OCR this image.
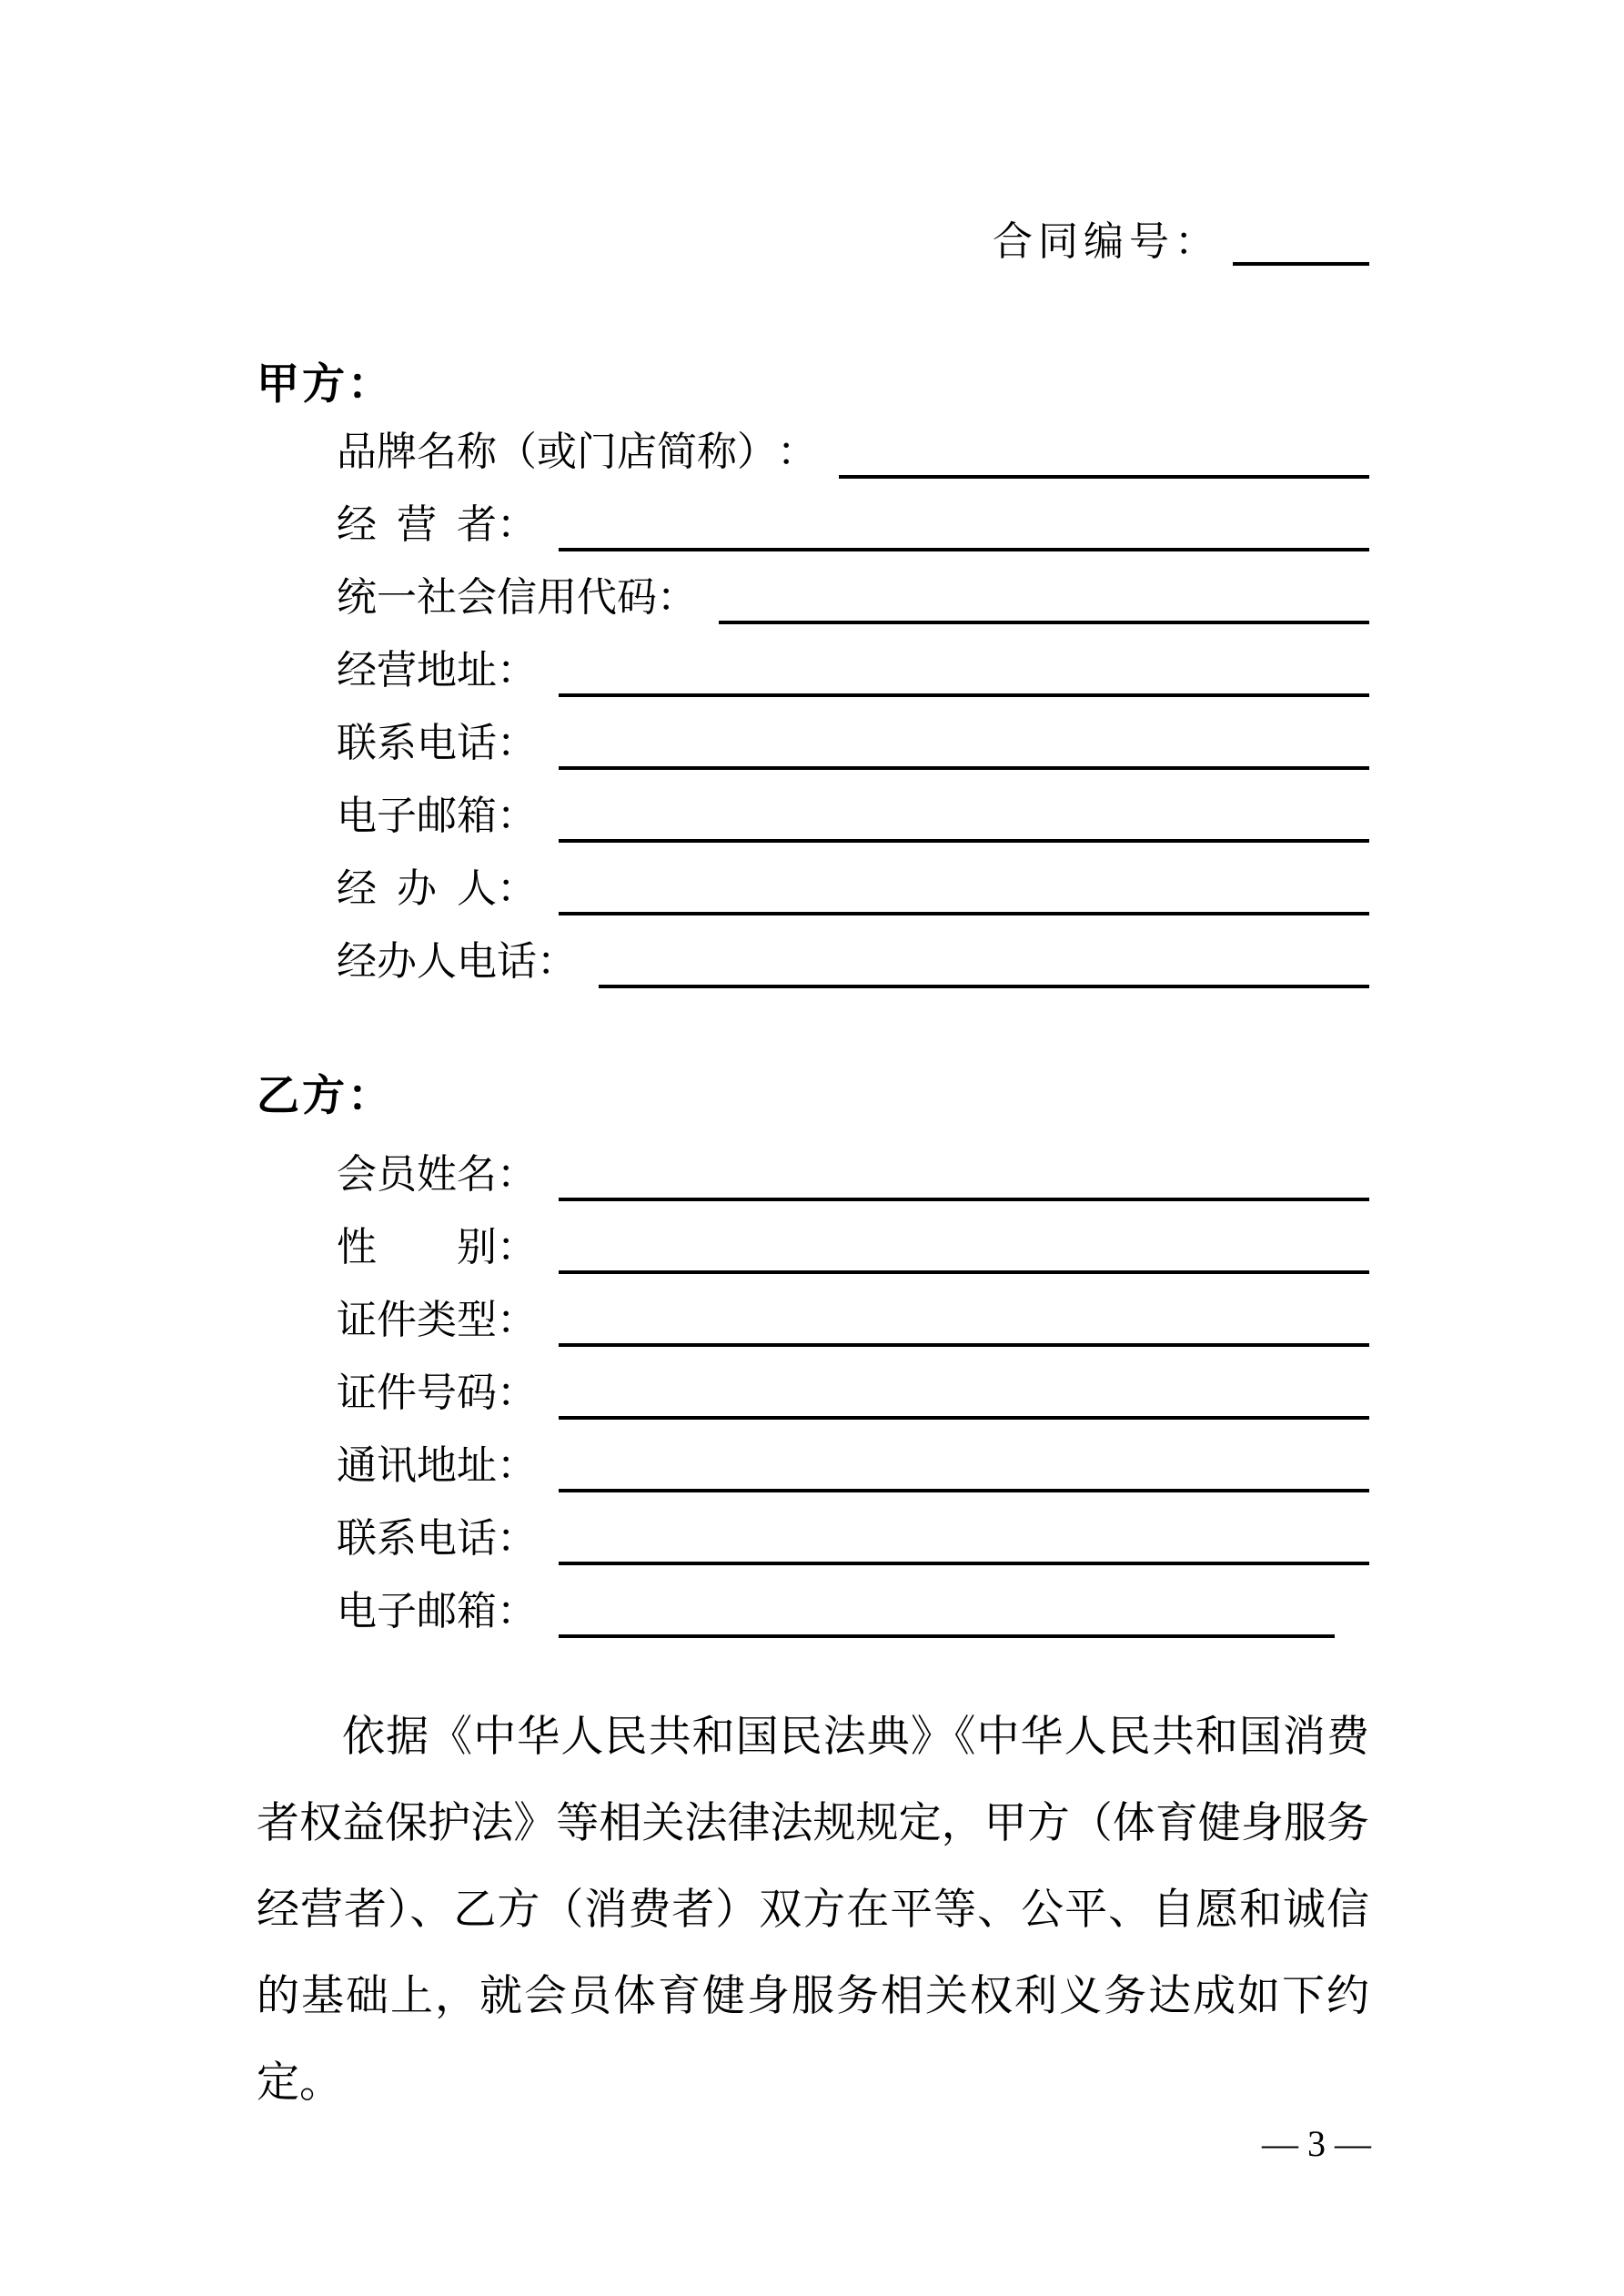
合同编号：
甲方：
品牌名称（或门店简称） ：
经营者 ：
统一社会信用代码 ：
经营地址 ：
联系电话 ：
电子邮箱 ：
经办人 ：
经办人电话 ：
乙方：
会员姓名 ：
性别 ：
证件类型 ：
证件号码 ：
通讯地址 ：
联系电话 ：
电子邮箱 ：
依据《中华人民共和国民法典》《中华人民共和国消费者权益保护法》等相关法律法规规定，甲方（体育健身服务经营者）、乙方（消费者）双方在平等、公平、自愿和诚信的基础上，就会员体育健身服务相关权利义务达成如下约定。
— 3 —
